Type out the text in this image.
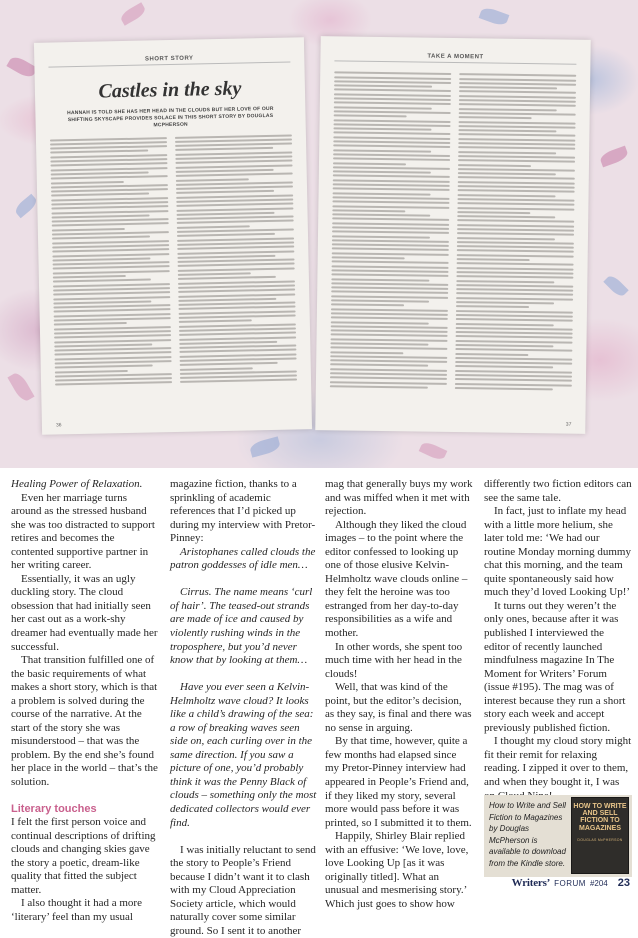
SHORT STORY
Castles in the sky
HANNAH IS TOLD SHE HAS HER HEAD IN THE CLOUDS BUT HER LOVE OF OUR SHIFTING SKYSCAPE PROVIDES SOLACE IN THIS SHORT STORY BY DOUGLAS MCPHERSON
36
TAKE A MOMENT
37

Healing Power of Relaxation.

Even her marriage turns around as the stressed husband she was too distracted to support retires and becomes the contented supportive partner in her writing career.

Essentially, it was an ugly duckling story. The cloud obsession that had initially seen her cast out as a work-shy dreamer had eventually made her successful.

That transition fulfilled one of the basic requirements of what makes a short story, which is that a problem is solved during the course of the narrative. At the start of the story she was misunderstood – that was the problem. By the end she’s found her place in the world – that’s the solution.

Literary touches

I felt the first person voice and continual descriptions of drifting clouds and changing skies gave the story a poetic, dream-like quality that fitted the subject matter.

I also thought it had a more ‘literary’ feel than my usual

magazine fiction, thanks to a sprinkling of academic references that I’d picked up during my interview with Pretor-Pinney:

Aristophanes called clouds the patron goddesses of idle men…

Cirrus. The name means ‘curl of hair’. The teased-out strands are made of ice and caused by violently rushing winds in the troposphere, but you’d never know that by looking at them…

Have you ever seen a Kelvin-Helmholtz wave cloud? It looks like a child’s drawing of the sea: a row of breaking waves seen side on, each curling over in the same direction. If you saw a picture of one, you’d probably think it was the Penny Black of clouds – something only the most dedicated collectors would ever find.

I was initially reluctant to send the story to People’s Friend because I didn’t want it to clash with my Cloud Appreciation Society article, which would naturally cover some similar ground. So I sent it to another

mag that generally buys my work and was miffed when it met with rejection.

Although they liked the cloud images – to the point where the editor confessed to looking up one of those elusive Kelvin-Helmholtz wave clouds online – they felt the heroine was too estranged from her day-to-day responsibilities as a wife and mother.

In other words, she spent too much time with her head in the clouds!

Well, that was kind of the point, but the editor’s decision, as they say, is final and there was no sense in arguing.

By that time, however, quite a few months had elapsed since my Pretor-Pinney interview had appeared in People’s Friend and, if they liked my story, several more would pass before it was printed, so I submitted it to them.

Happily, Shirley Blair replied with an effusive: ‘We love, love, love Looking Up [as it was originally titled]. What an unusual and mesmerising story.’ Which just goes to show how

differently two fiction editors can see the same tale.

In fact, just to inflate my head with a little more helium, she later told me: ‘We had our routine Monday morning dummy chat this morning, and the team quite spontaneously said how much they’d loved Looking Up!’

It turns out they weren’t the only ones, because after it was published I interviewed the editor of recently launched mindfulness magazine In The Moment for Writers’ Forum (issue #195). The mag was of interest because they run a short story each week and accept previously published fiction.

I thought my cloud story might fit their remit for relaxing reading. I zipped it over to them, and when they bought it, I was

How to Write and Sell Fiction to Magazines by Douglas McPherson is available to download from the Kindle store.
HOW TO WRITE AND SELL FICTION TO MAGAZINES
DOUGLAS McPHERSON
Writers’ FORUM #204 23
